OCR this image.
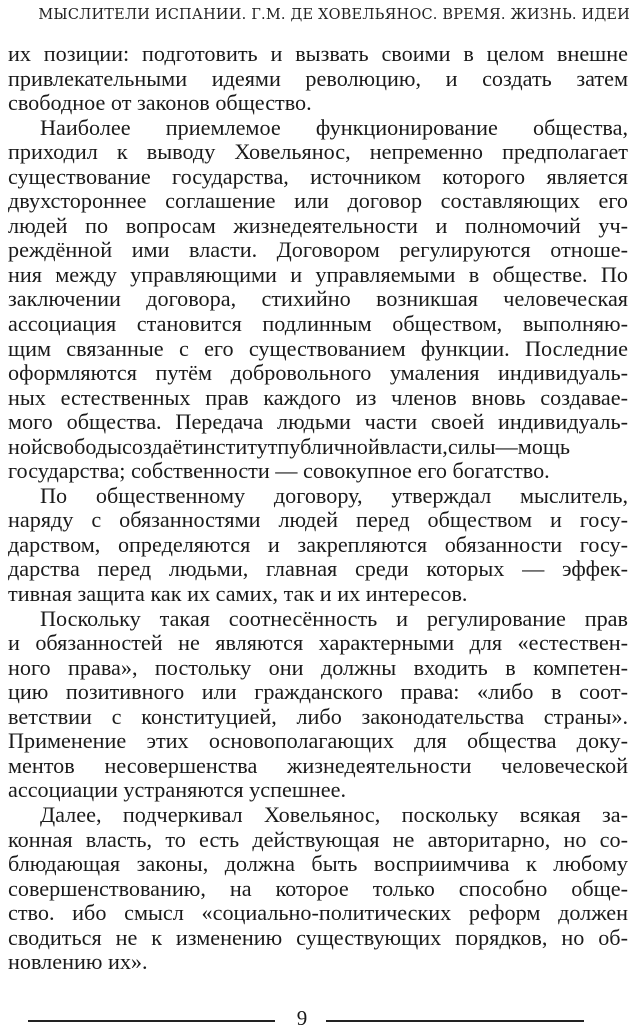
МЫСЛИТЕЛИ ИСПАНИИ. Г.М. ДЕ ХОВЕЛЬЯНОС. ВРЕМЯ. ЖИЗНЬ. ИДЕИ
их позиции: подготовить и вызвать своими в целом внешне
привлекательными идеями революцию, и создать затем
свободное от законов общество.
Наиболее приемлемое функционирование общества,
приходил к выводу Ховельянос, непременно предполагает
существование государства, источником которого является
двухстороннее соглашение или договор составляющих его
людей по вопросам жизнедеятельности и полномочий уч-
реждённой ими власти. Договором регулируются отноше-
ния между управляющими и управляемыми в обществе. По
заключении договора, стихийно возникшая человеческая
ассоциация становится подлинным обществом, выполняю-
щим связанные с его существованием функции. Последние
оформляются путём добровольного умаления индивидуаль-
ных естественных прав каждого из членов вновь создавае-
мого общества. Передача людьми части своей индивидуаль-
нойсвободысоздаётинститутпубличнойвласти,силы—мощь
государства; собственности — совокупное его богатство.
По общественному договору, утверждал мыслитель,
наряду с обязанностями людей перед обществом и госу-
дарством, определяются и закрепляются обязанности госу-
дарства перед людьми, главная среди которых — эффек-
тивная защита как их самих, так и их интересов.
Поскольку такая соотнесённость и регулирование прав
и обязанностей не являются характерными для «естествен-
ного права», постольку они должны входить в компетен-
цию позитивного или гражданского права: «либо в соот-
ветствии с конституцией, либо законодательства страны».
Применение этих основополагающих для общества доку-
ментов несовершенства жизнедеятельности человеческой
ассоциации устраняются успешнее.
Далее, подчеркивал Ховельянос, поскольку всякая за-
конная власть, то есть действующая не авторитарно, но со-
блюдающая законы, должна быть восприимчива к любому
совершенствованию, на которое только способно обще-
ство. ибо смысл «социально-политических реформ должен
сводиться не к изменению существующих порядков, но об-
новлению их».
9
